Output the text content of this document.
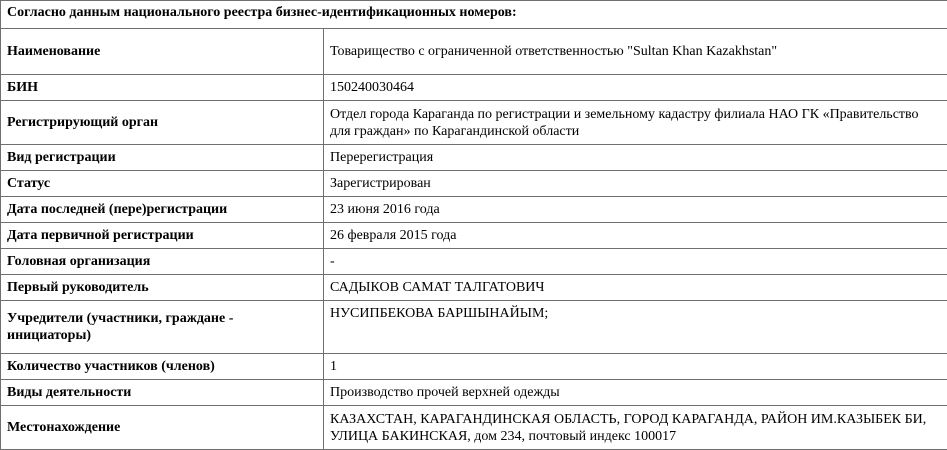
Согласно данным национального реестра бизнес-идентификационных номеров:	
Наименование	Товарищество с ограниченной ответственностью "Sultan Khan Kazakhstan"
БИН	150240030464
Регистрирующий орган	Отдел города Караганда по регистрации и земельному кадастру филиала НАО ГК «Правительство для граждан» по Карагандинской области
Вид регистрации	Перерегистрация
Статус	Зарегистрирован
Дата последней (пере)регистрации	23 июня 2016 года
Дата первичной регистрации	26 февраля 2015 года
Головная организация	-
Первый руководитель	САДЫКОВ САМАТ ТАЛГАТОВИЧ
Учредители (участники, граждане - инициаторы)	НУСИПБЕКОВА БАРШЫНАЙЫМ;
Количество участников (членов)	1
Виды деятельности	Производство прочей верхней одежды
Местонахождение	КАЗАХСТАН, КАРАГАНДИНСКАЯ ОБЛАСТЬ, ГОРОД КАРАГАНДА, РАЙОН ИМ.КАЗЫБЕК БИ, УЛИЦА БАКИНСКАЯ, дом 234, почтовый индекс 100017
